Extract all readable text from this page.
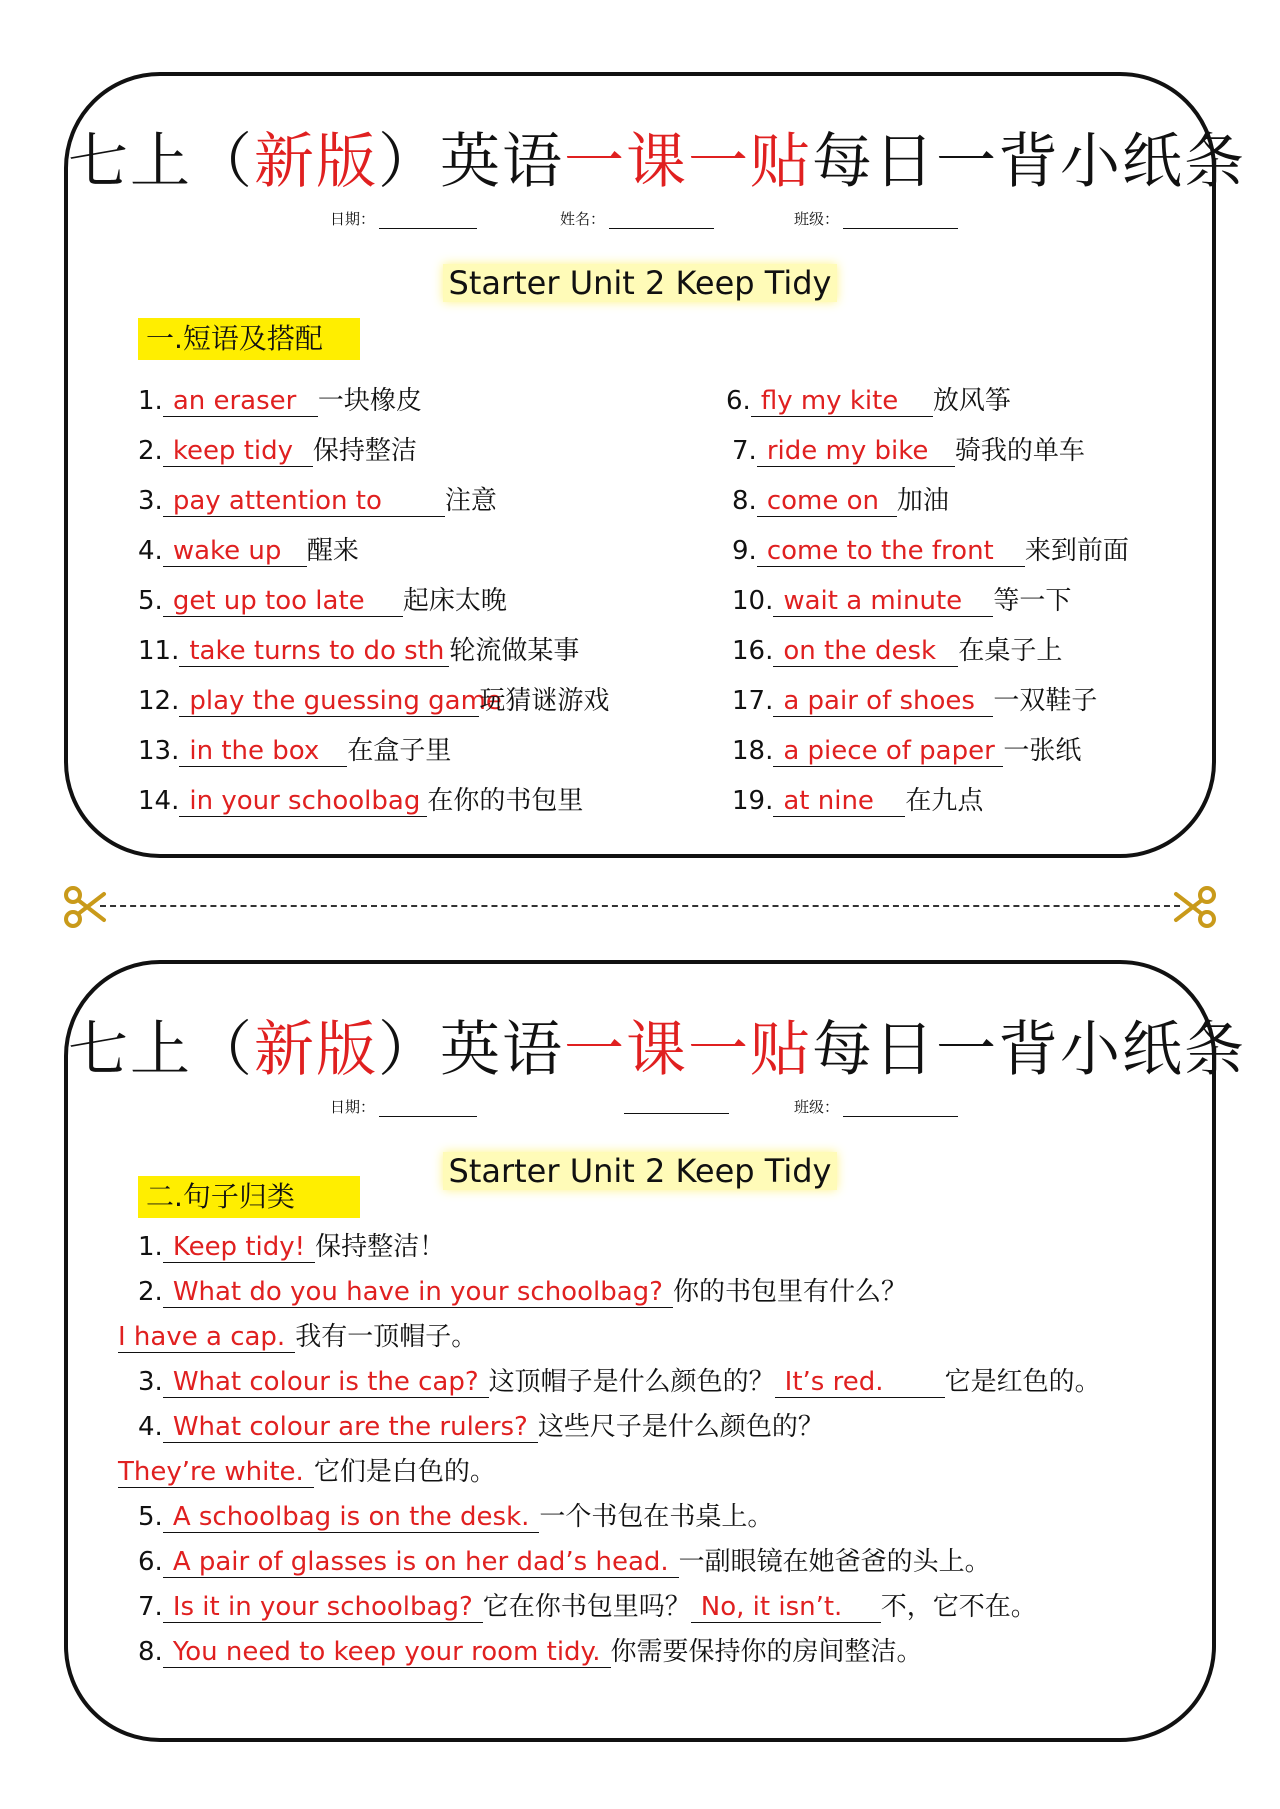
七上（新版）英语一课一贴每日一背小纸条
日期：	姓名：	班级：
Starter Unit 2 Keep Tidy
一.短语及搭配
1. an eraser 一块橡皮
2. keep tidy 保持整洁
3. pay attention to 注意
4. wake up 醒来
5. get up too late 起床太晚
11. take turns to do sth 轮流做某事
12. play the guessing game玩猜谜游戏
13. in the box 在盒子里
14. in your schoolbag 在你的书包里
6. fly my kite 放风筝
7. ride my bike 骑我的单车
8. come on 加油
9. come to the front 来到前面
10. wait a minute 等一下
16. on the desk 在桌子上
17. a pair of shoes 一双鞋子
18. a piece of paper 一张纸
19. at nine 在九点
七上（新版）英语一课一贴每日一背小纸条
日期：	班级：
Starter Unit 2 Keep Tidy
二.句子归类
1. Keep tidy! 保持整洁！
2. What do you have in your schoolbag? 你的书包里有什么？
I have a cap. 我有一顶帽子。
3. What colour is the cap? 这顶帽子是什么颜色的？ It’s red. 它是红色的。
4. What colour are the rulers? 这些尺子是什么颜色的？
They’re white. 它们是白色的。
5. A schoolbag is on the desk. 一个书包在书桌上。
6. A pair of glasses is on her dad’s head. 一副眼镜在她爸爸的头上。
7. Is it in your schoolbag? 它在你书包里吗？ No, it isn’t. 不，它不在。
8. You need to keep your room tidy. 你需要保持你的房间整洁。
